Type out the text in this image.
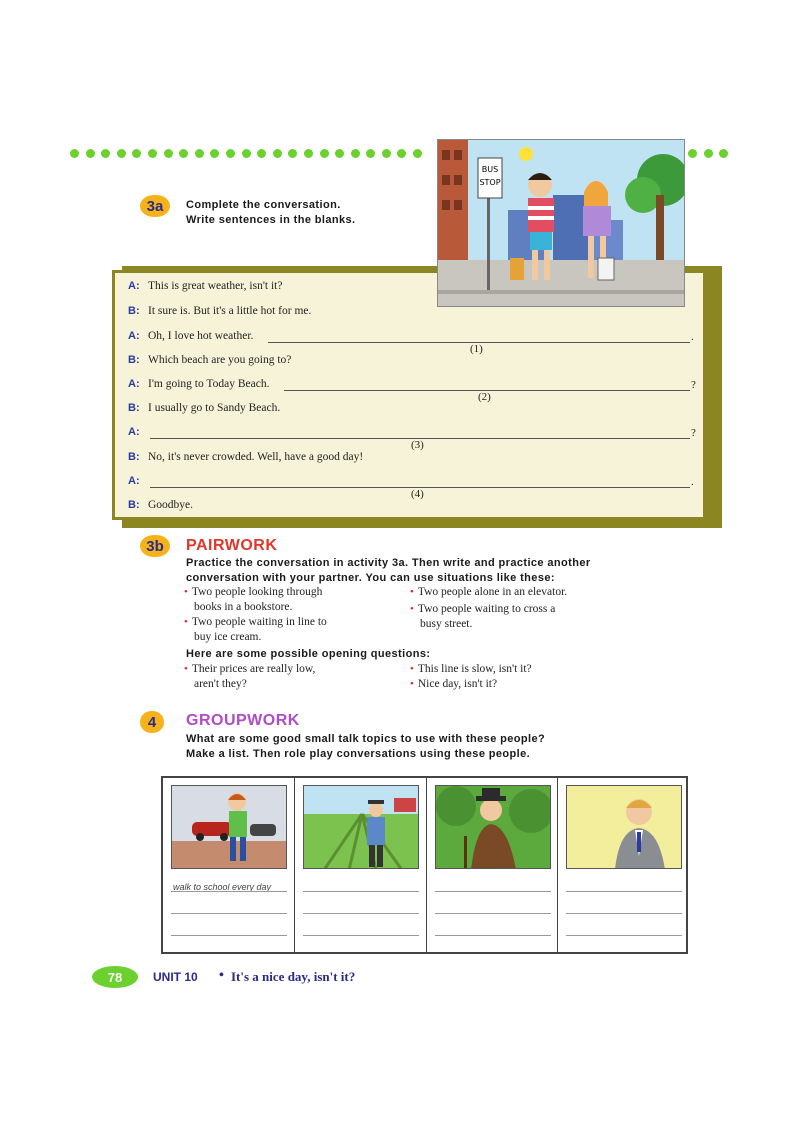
3a	Complete the conversation.
Write sentences in the blanks.
A: This is great weather, isn't it?
B: It sure is. But it's a little hot for me.
A: Oh, I love hot weather.
(1)
.
B: Which beach are you going to?
A: I'm going to Today Beach.
(2)
?
B: I usually go to Sandy Beach.
A:
(3)
?
B: No, it's never crowded. Well, have a good day!
A:
(4)
.
B: Goodbye.
BUS
STOP
3b	PAIRWORK
Practice the conversation in activity 3a. Then write and practice another
conversation with your partner. You can use situations like these:
• Two people looking through
books in a bookstore.
• Two people waiting in line to
buy ice cream.
• Two people alone in an elevator.
• Two people waiting to cross a
busy street.
Here are some possible opening questions:
• Their prices are really low,
aren't they?
• This line is slow, isn't it?
• Nice day, isn't it?
4	GROUPWORK
What are some good small talk topics to use with these people?
Make a list. Then role play conversations using these people.
walk to school every day
78	UNIT 10 • It's a nice day, isn't it?
